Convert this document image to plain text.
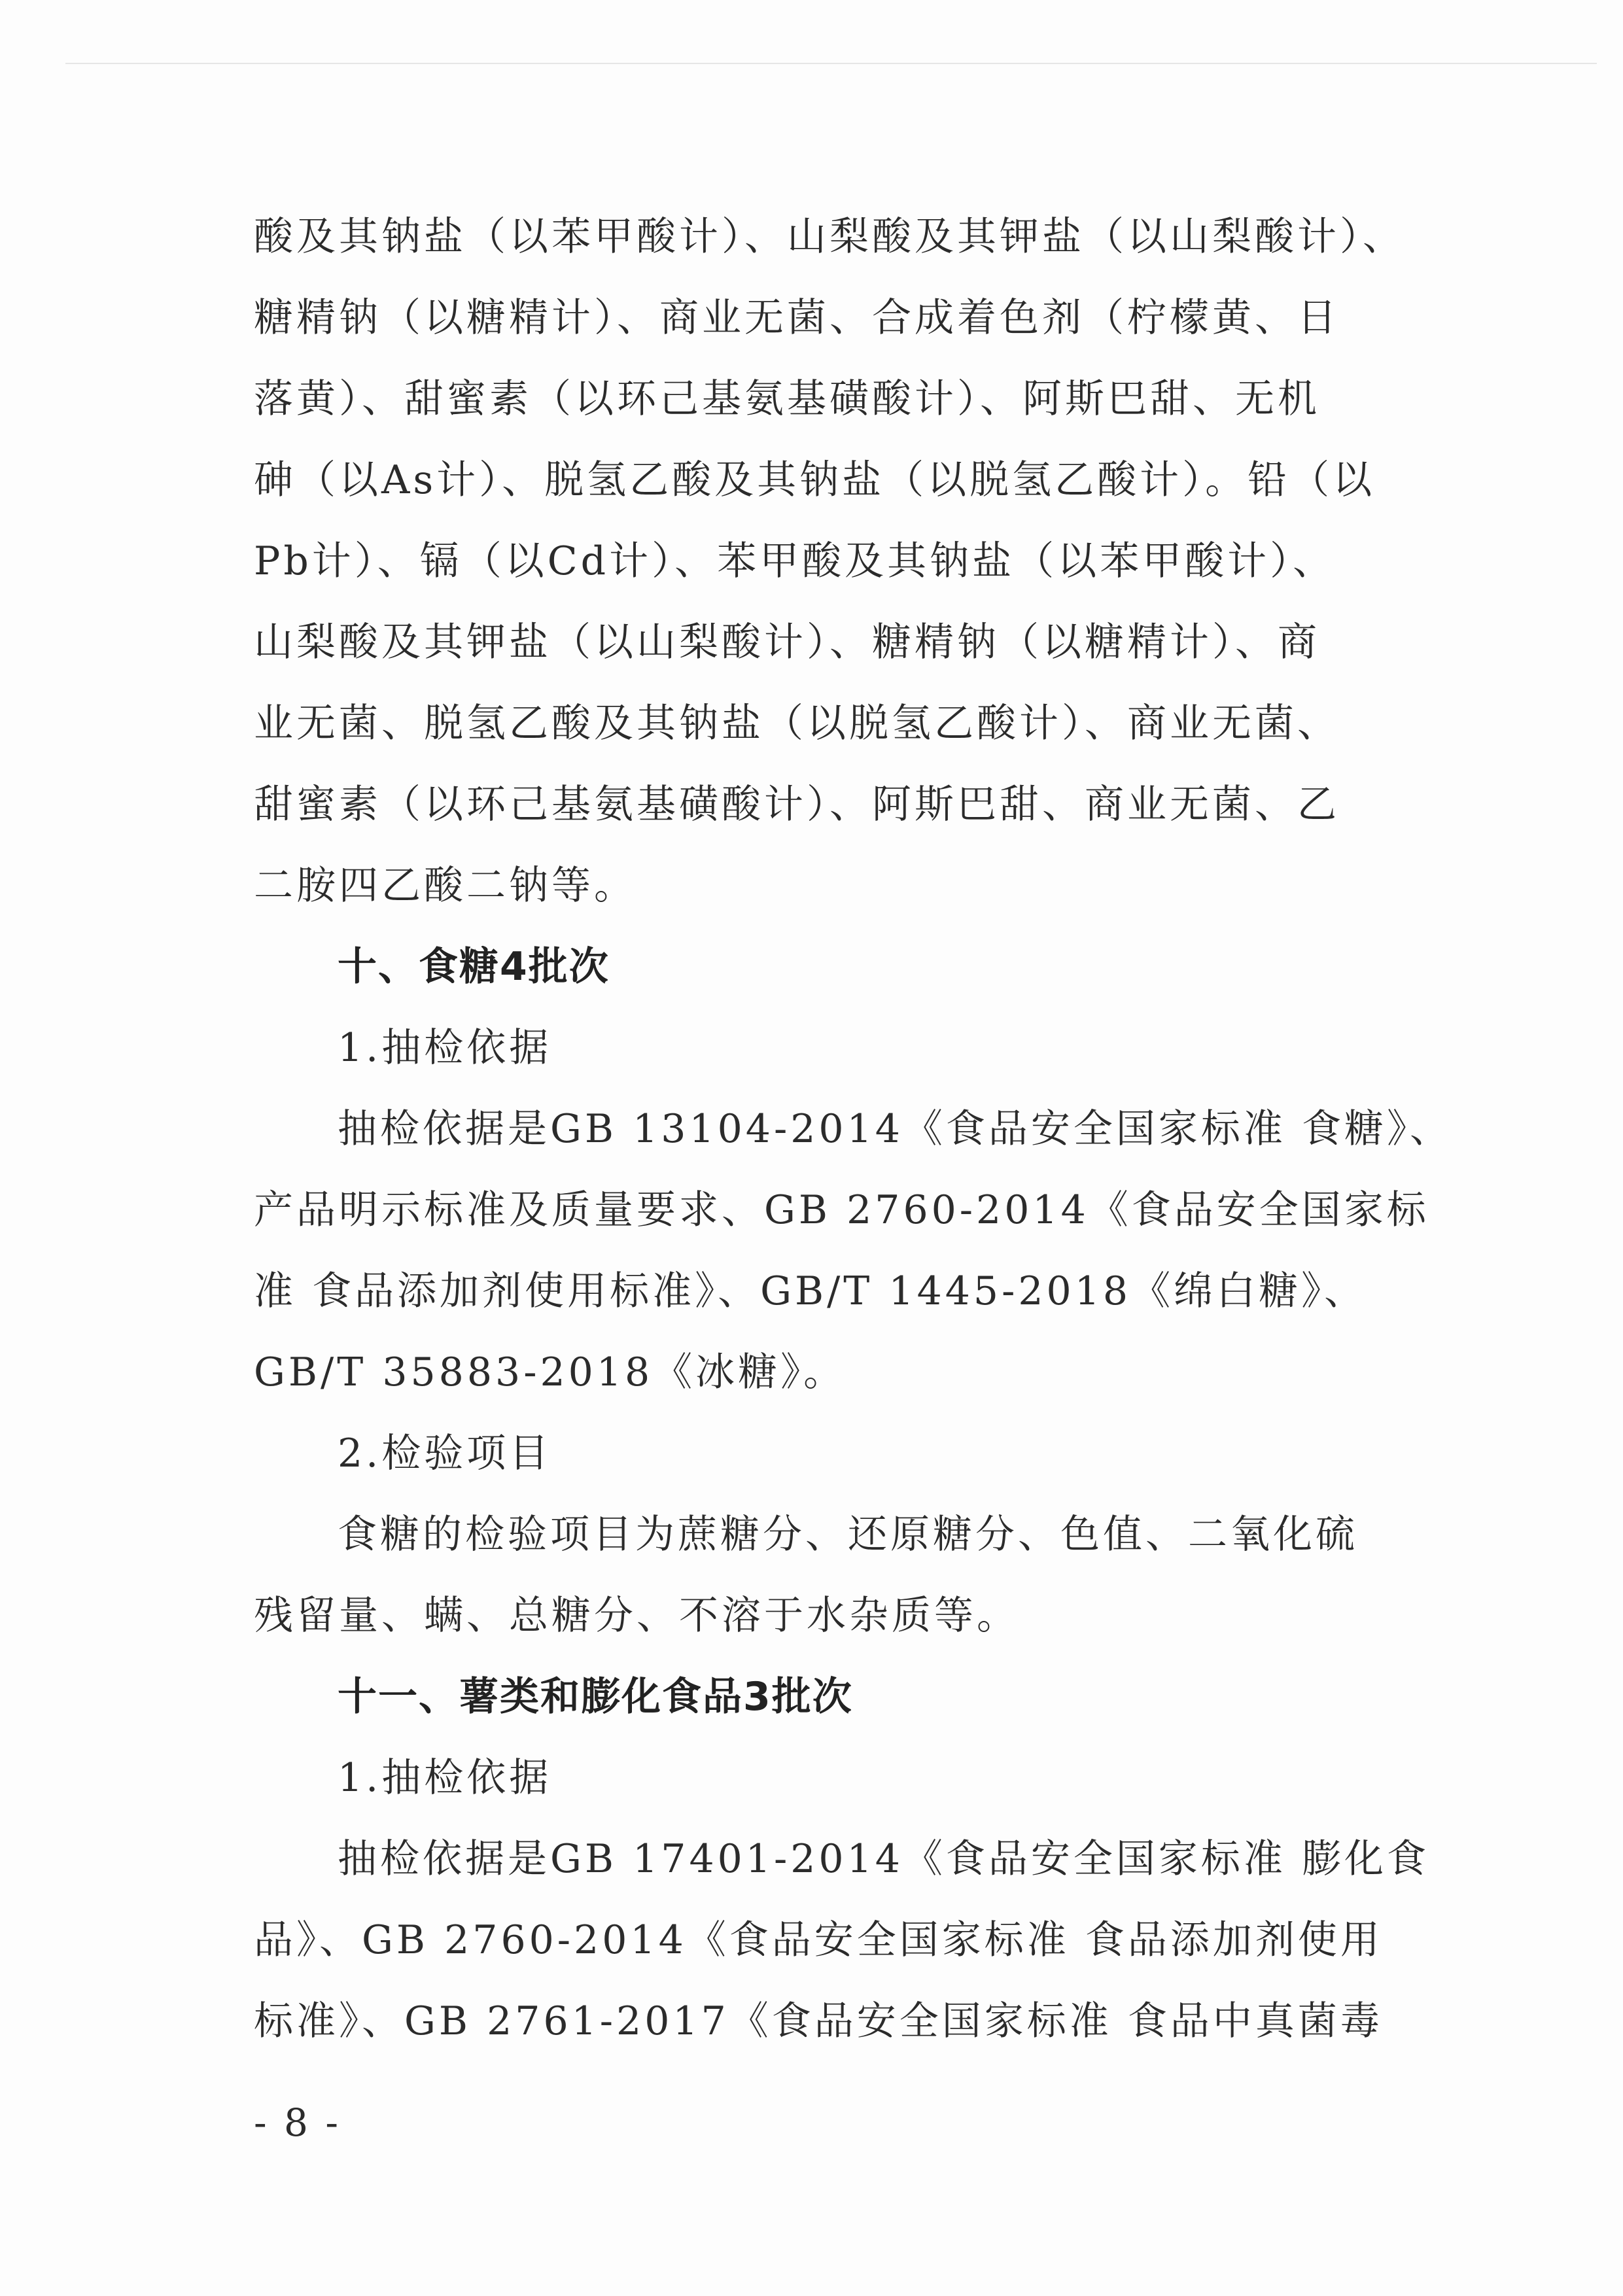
酸及其钠盐（以苯甲酸计）、山梨酸及其钾盐（以山梨酸计）、
糖精钠（以糖精计）、商业无菌、合成着色剂（柠檬黄、日
落黄）、甜蜜素（以环己基氨基磺酸计）、阿斯巴甜、无机
砷（以As计）、脱氢乙酸及其钠盐（以脱氢乙酸计）。铅（以
Pb计）、镉（以Cd计）、苯甲酸及其钠盐（以苯甲酸计）、
山梨酸及其钾盐（以山梨酸计）、糖精钠（以糖精计）、商
业无菌、脱氢乙酸及其钠盐（以脱氢乙酸计）、商业无菌、
甜蜜素（以环己基氨基磺酸计）、阿斯巴甜、商业无菌、乙
二胺四乙酸二钠等。
十、食糖4批次
1.抽检依据
抽检依据是GB 13104-2014《食品安全国家标准 食糖》、
产品明示标准及质量要求、GB 2760-2014《食品安全国家标
准 食品添加剂使用标准》、GB/T 1445-2018《绵白糖》、
GB/T 35883-2018《冰糖》。
2.检验项目
食糖的检验项目为蔗糖分、还原糖分、色值、二氧化硫
残留量、螨、总糖分、不溶于水杂质等。
十一、薯类和膨化食品3批次
1.抽检依据
抽检依据是GB 17401-2014《食品安全国家标准 膨化食
品》、GB 2760-2014《食品安全国家标准 食品添加剂使用
标准》、GB 2761-2017《食品安全国家标准 食品中真菌毒
- 8 -
